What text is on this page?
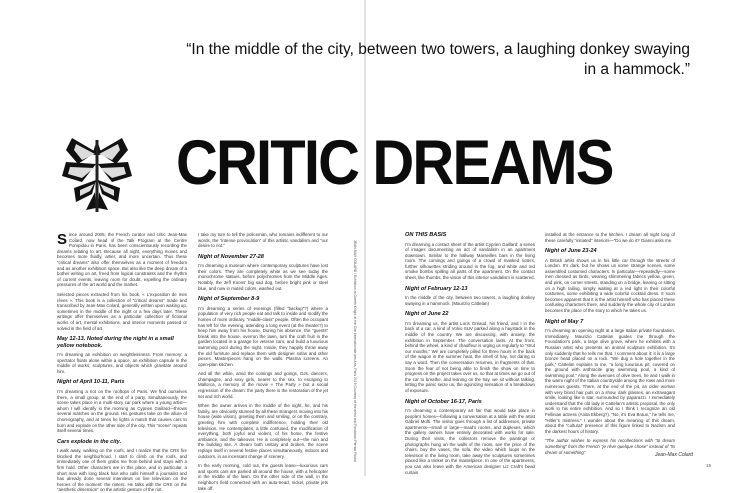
“In the middle of the city, between two towers, a laughing donkey swaying in a hammock.”
CRITIC DREAMS

Since around 2005, the French curator and critic Jean-Max Colard, now head of the Talk Program at the Centre Pompidou in Paris, has been conscientiously recording the dreams relating to art. Because all night, everything moves and becomes more fluidly, artier, and more uncertain. Thus these “critical dreams” also offer themselves as a moment of freedom and as another exhibition space. But also like the deep dream of a bother writing on art, freed from logical constraints and the rhythm of current events, leaving room for doubt, expelling the ordinary pressures of the art world and the market.

Selected pieces extracted from his book, « L’exposition de mes rêves ». This book is a collection of “critical dreams” made and transcribed by Jean-Max Colard, generally written upon waking up, sometimes in the middle of the night or a few days later. These writings offer themselves as a particular collection of fictional works of art, mental exhibitions, and interior moments passed or solved in the field of art.

May 12-13. Noted during the night in a small yellow notebook.

I’m dreaming an exhibition on weightlessness. From memory: a spectator floats alone within a space, an exhibition capsule in the middle of works, sculptures, and objects which gravitate around him.

Night of April 10-11, Paris

I’m dreaming a riot on the rooftops of Paris. We find ourselves there, a small group, at the end of a party. Simultaneously, the scene takes place in a multi-story car park where a young artist—whom I will identify in the morning as Cyprien Gaillard—throws several matches on the ground. His gestures take on the allure of choreography, and at times he lights a match that causes cars to burn and explode on the other side of the city. This “scene” repeats itself several times.

Cars explode in the city.

I walk away, walking on the roofs, and I realize that the CRS fire blocked the neighborhood. I start to climb on the roofs, and immediately one of them grabs me from behind and stays with a firm hold. Other characters are in this place, and in particular, a short man with long black hair who calls himself a journalist and has already done several interviews on live television on the heroes of the moment: the rioters. He talks with the CRS on the “aesthetic dimension” on the artistic gesture of the riot.

I take my turn to tell the policeman, who remains indifferent to our words, the “intense provocation” of this artistic vandalism and “our desire to riot.”

Night of November 27-28

I’m dreaming a museum where contemporary sculptures have lost their colors. They are completely white as we see today the monochrome statues, before polychromes from the Middle Ages. Notably, the Jeff Koons’ big sad dog, before bright pink or steel blue, and now in muted colors, washed out.

Night of September 8-9

I’m dreaming a series of evenings (filled “backup”?) where a population of very rich people eat and talk to inside and modify the homes of more ordinary, “middle-class” people. Often the occupant has left for the evening, attending a long event (at the theater?) to keep him away from his house. During his absence, the “guests” break into the house, overrun the lawn, turn the craft fruit in the garden located in a garage for veteran cars, and build a luxurious swimming pool during the night. Inside, they happily throw away the old furniture and replace them with designer sofas and other pieces. Masterpieces hang on the walls. Plasma screens. An open-plan kitchen.

And all the while, amid the comings and goings, DJs, dancers, champagne, and sexy girls, nearer to the sex, to escaping to Mallorca, a memory of the movie « The Party » but a social regression of the dream: the party there is the restoration of the jet set and rich world.

When the owner arrives in the middle of the night, he, and his family, are obviously stunned by all these strangers moving into his house (wide vision), greeting them and smiling, or on the contrary, greeting him with complete indifference, holding their old television. He contemplates, a little confused, the modification of everything, both joyful and violent, of his home, the festive ambiance, and the takeover. He is completely out—the ruin and the building site. A dream both unitary and broken, the scene replays itself in several festive places simultaneously, indoors and outdoors, in an incessant change of scenery.

In the early morning, cold out, the guests leave—luxurious cars and sports cars are parked all around the house, with a helicopter in the middle of the lawn. On the other side of the wall, in the neighbor’s field connected with an auto-tread, nickel, private jets take off.

JEAN-MAX COLARD / Exhibition at Gareth Knight at the Cité Internationale des Arts, Paris 2019 Courtesy of the artist and Fondation Pernod Ricard
ON THIS BASIS

I’m dreaming a contact sheet of the artist Cyprien Gaillard: a series of images documenting an act of vandalism in an apartment downtown. Similar to the hallway Marseilles bars in the living room. The comings and goings of a crowd of masked rioters, further silhouettes striding around in the fog, and white and red smoke bombs spilling all parts of the apartment. On the contact sheet, like thumbs, the vision of this interior vandalism is scattered.

Night of February 12-13

In the middle of the city, between two towers, a laughing donkey swaying in a hammock. (Maurizio Cattelan)

Night of June 22

I’m dreaming us, the artist Loris Gréaud, his friend, and I in the back of a car, a kind of Volvo SUV parked along a haystack in the middle of the country. We are discussing, with anxiety, the exhibition in September. The conversation lasts. At the front, behind the wheel, a kind of chauffeur is urging us regularly to “strut our mouths.” We are completely pilled for three hours in the back of the wagon in the summer heat, the smell of hay, not daring to say a word. Then the conversation resumes, in fragments of that. Soon the fear of not being able to finish the show on time to progress on the project takes over us, so that at times we go out of the car to breathe, and leaning on the hay, we sit without talking, letting the panic seize us, the agonizing sensation of a breakdown of exposure.

Night of October 16-17, Paris

I’m dreaming a contemporary art fair that would take place in people’s homes—following a conversation at a table with the artist Gabriel Mofti. The visitor goes through a list of addresses, private apartments—small or large—maid’s rooms, and duplexes, which the gallery owners have entirely decorated with works for sale. During their visits, the collectors remove the paintings or photographs hung on the walls of the room, see the price of the chairs, buy the vases, the sofa, the video which loops on the television in the living room, take away the sculptures sometimes placed like a trinket on the mantelpiece. In one of the apartments, you can also leave with the American designer Liz Craft’s bead curtain

installed at the entrance to the kitchen. I dream all night long of these carefully “initiated” interiors—“Do we do it? Gianni asks me.

Night of June 23-24

A British artist shows us in his little car through the streets of London. It’s dark, but he shows us some strange scenes, some assembled costumed characters. In particular—repeatedly—some men dressed as birds, wearing shimmering fabrics yellow, green, and pink, on corner streets, standing on a bridge, leaning or sitting on a high railing, simply waiting at a red light in their colorful costumes, some exhibiting a wide colorful cocktail dress. It soon becomes apparent that it is the artist himself who has placed these confusing characters there, and suddenly the whole city of London becomes the place of the story to which he takes us.

Night of May 7

I’m dreaming an opening night at a large Italian private foundation. Immediately, Maurizio Cattelan guides me through the Foundation’s park, a large olive grove, where he exhibits with a Russian artist who presents an animal sculpture exhibition. It’s only suddenly that he tells me that. I comment about it: it is a large bronze head placed on a rock. “We dug a hole together in the park,” Cattelan explains to me, “a long luxurious pit, covered on the ground with anthracite gray swimming pool, a kind of swimming pool.” Along the avenues of olive trees, he and I walk in the warm night of the Italian countryside among the rows and more numerous guests. There, at the end of the pit, an older woman with very blond hair puts on a show, dark glasses, an extravagant smile, looking like a star, surrounded by paparazzi. I immediately understand that the old lady is Cattelan’s artistic proposal, the only work in his entire exhibition. And so I think I recognize an old Fellinian actress (Anita Ekberg?). “No, it’s Eva Braun,” he tells me, “Hitler’s mistress.” I wonder about the meaning of this dream, about the “cultural” presence of this figure linked to Nazism and the darkest hours of history.

“The author wishes to express his recollections with “to dream something” from the French “je rêve quelque chose” instead of “to dream of something”	Jean-Max Colard
15
